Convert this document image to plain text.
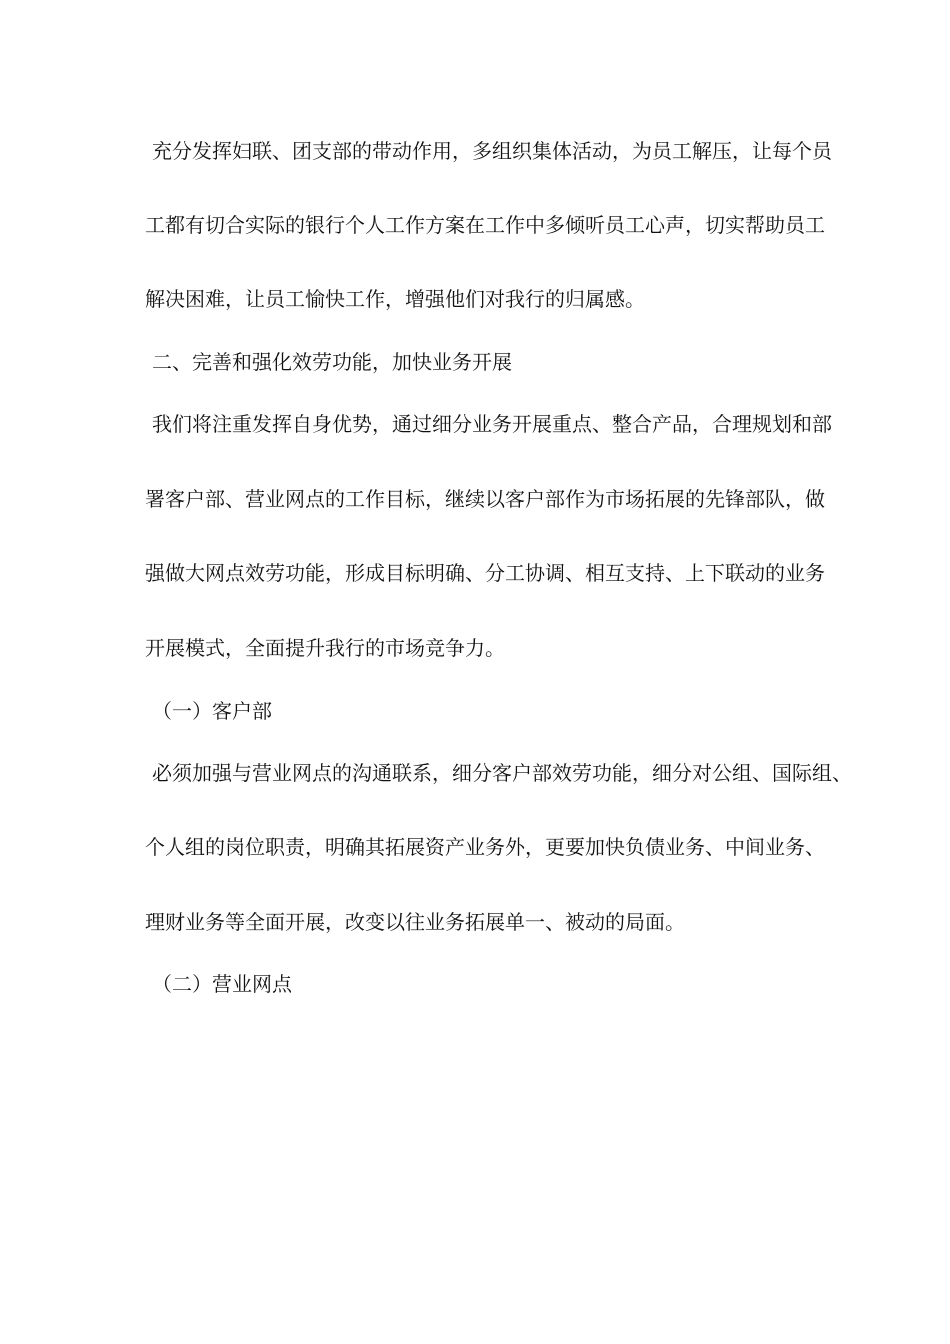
充分发挥妇联、团支部的带动作用，多组织集体活动，为员工解压，让每个员
工都有切合实际的银行个人工作方案在工作中多倾听员工心声，切实帮助员工
解决困难，让员工愉快工作，增强他们对我行的归属感。
二、完善和强化效劳功能，加快业务开展
我们将注重发挥自身优势，通过细分业务开展重点、整合产品，合理规划和部
署客户部、营业网点的工作目标，继续以客户部作为市场拓展的先锋部队，做
强做大网点效劳功能，形成目标明确、分工协调、相互支持、上下联动的业务
开展模式，全面提升我行的市场竞争力。
（一）客户部
必须加强与营业网点的沟通联系，细分客户部效劳功能，细分对公组、国际组、
个人组的岗位职责，明确其拓展资产业务外，更要加快负债业务、中间业务、
理财业务等全面开展，改变以往业务拓展单一、被动的局面。
（二）营业网点
